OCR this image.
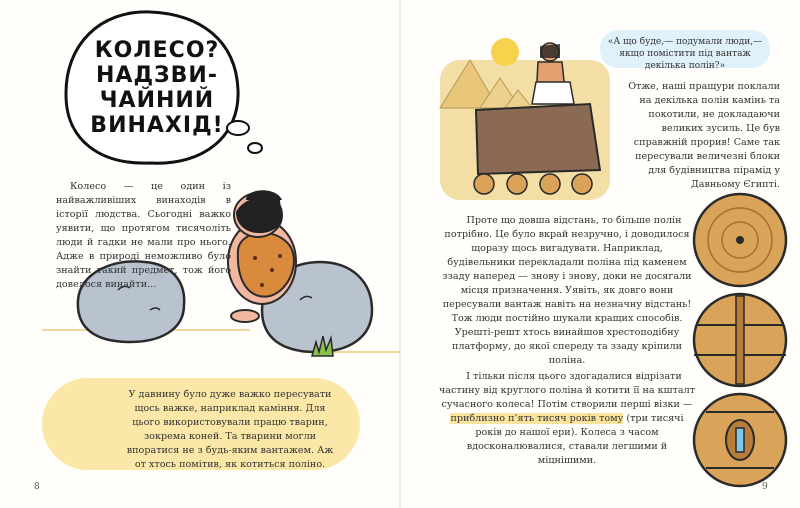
КОЛЕСО?
НАДЗВИ-
ЧАЙНИЙ
ВИНАХІД!

Колесо — це один із найважливіших винаходів в історії людства. Сьогодні важко уявити, що протягом тисячоліть люди й гадки не мали про нього. Адже в природі неможливо було знайти такий предмет, тож його довелося винайти...

У давнину було дуже важко пересувати щось важке, наприклад каміння. Для цього використовували працю тварин, зокрема коней. Та тварини могли впоратися не з будь-яким вантажем. Аж от хтось помітив, як котиться поліно.

«А що буде,— подумали люди,— якщо помістити під вантаж декілька полін?»

Отже, наші пращури поклали на декілька полін камінь та покотили, не докладаючи великих зусиль. Це був справжній прорив! Саме так пересували величезні блоки для будівництва пірамід у Давньому Єгипті.

Проте що довша відстань, то більше полін потрібно. Це було вкрай незручно, і доводилося щоразу щось вигадувати. Наприклад, будівельники перекладали поліна під каменем ззаду наперед — знову і знову, доки не досягали місця призначення. Уявіть, як довго вони пересували вантаж навіть на незначну відстань! Тож люди постійно шукали кращих способів. Урешті-решт хтось винайшов хрестоподібну платформу, до якої спереду та ззаду кріпили поліна.

І тільки після цього здогадалися відрізати частину від круглого поліна й котити її на кшталт сучасного колеса! Потім створили перші візки — приблизно п’ять тисяч років тому (три тисячі років до нашої ери). Колеса з часом вдосконалювалися, ставали легшими й міцнішими.

8	9
